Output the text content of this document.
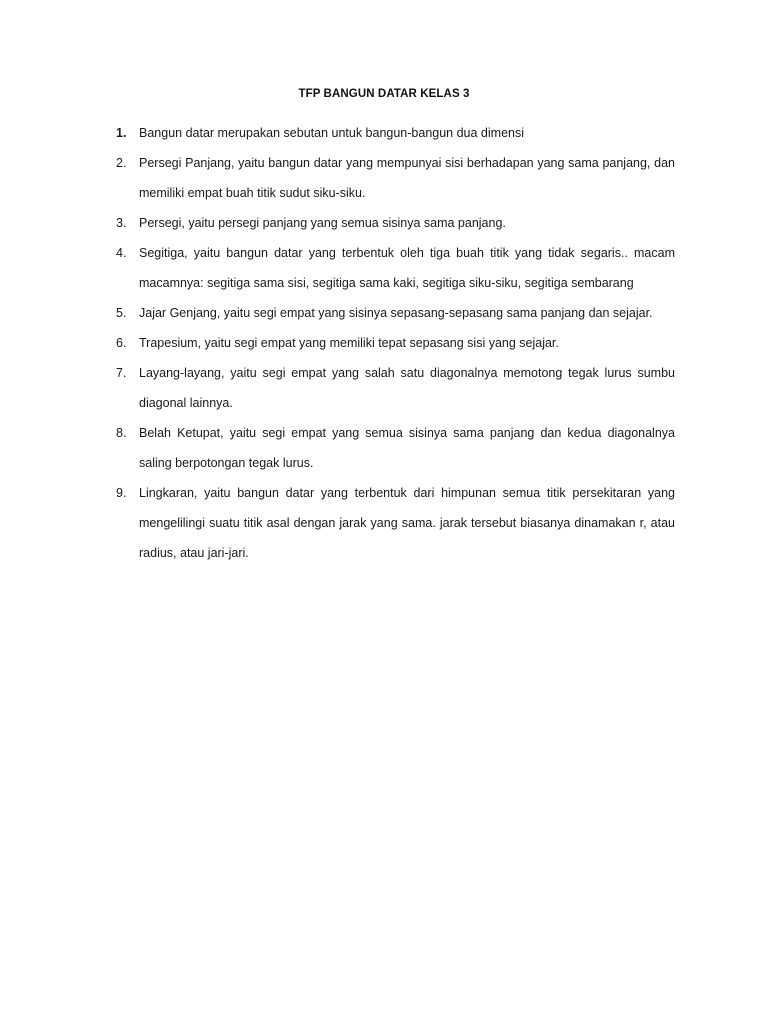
TFP BANGUN DATAR KELAS 3
1.	Bangun datar merupakan sebutan untuk bangun-bangun dua dimensi
2.	Persegi Panjang, yaitu bangun datar yang mempunyai sisi berhadapan yang sama panjang, dan memiliki empat buah titik sudut siku-siku.
3.	Persegi, yaitu persegi panjang yang semua sisinya sama panjang.
4.	Segitiga, yaitu bangun datar yang terbentuk oleh tiga buah titik yang tidak segaris.. macam macamnya: segitiga sama sisi, segitiga sama kaki, segitiga siku-siku, segitiga sembarang
5.	Jajar Genjang, yaitu segi empat yang sisinya sepasang-sepasang sama panjang dan sejajar.
6.	Trapesium, yaitu segi empat yang memiliki tepat sepasang sisi yang sejajar.
7.	Layang-layang, yaitu segi empat yang salah satu diagonalnya memotong tegak lurus sumbu diagonal lainnya.
8.	Belah Ketupat, yaitu segi empat yang semua sisinya sama panjang dan kedua diagonalnya saling berpotongan tegak lurus.
9.	Lingkaran, yaitu bangun datar yang terbentuk dari himpunan semua titik persekitaran yang mengelilingi suatu titik asal dengan jarak yang sama. jarak tersebut biasanya dinamakan r, atau radius, atau jari-jari.
